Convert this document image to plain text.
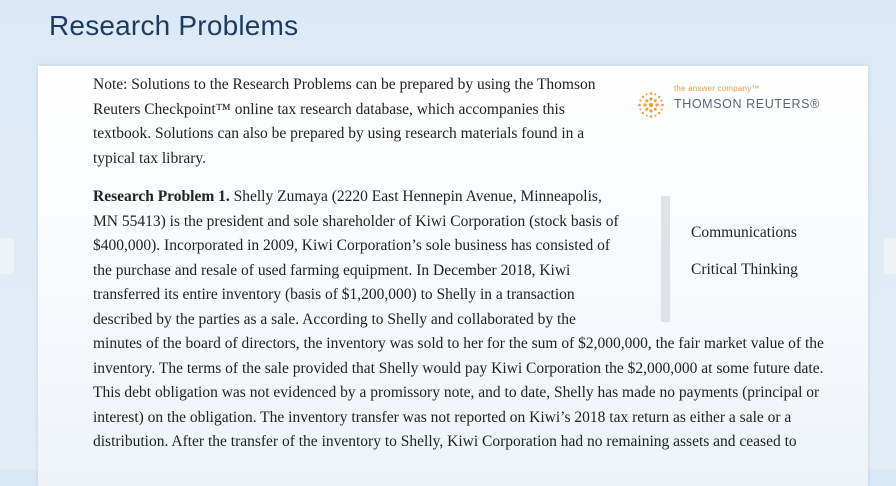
Research Problems

Note: Solutions to the Research Problems can be prepared by using the Thomson
Reuters Checkpoint™ online tax research database, which accompanies this
textbook. Solutions can also be prepared by using research materials found in a
typical tax library.

the answer company™
THOMSON REUTERS®

Research Problem 1. Shelly Zumaya (2220 East Hennepin Avenue, Minneapolis,
MN 55413) is the president and sole shareholder of Kiwi Corporation (stock basis of
$400,000). Incorporated in 2009, Kiwi Corporation’s sole business has consisted of
the purchase and resale of used farming equipment. In December 2018, Kiwi
transferred its entire inventory (basis of $1,200,000) to Shelly in a transaction
described by the parties as a sale. According to Shelly and collaborated by the

minutes of the board of directors, the inventory was sold to her for the sum of $2,000,000, the fair market value of the
inventory. The terms of the sale provided that Shelly would pay Kiwi Corporation the $2,000,000 at some future date.
This debt obligation was not evidenced by a promissory note, and to date, Shelly has made no payments (principal or
interest) on the obligation. The inventory transfer was not reported on Kiwi’s 2018 tax return as either a sale or a
distribution. After the transfer of the inventory to Shelly, Kiwi Corporation had no remaining assets and ceased to

Communications
Critical Thinking
